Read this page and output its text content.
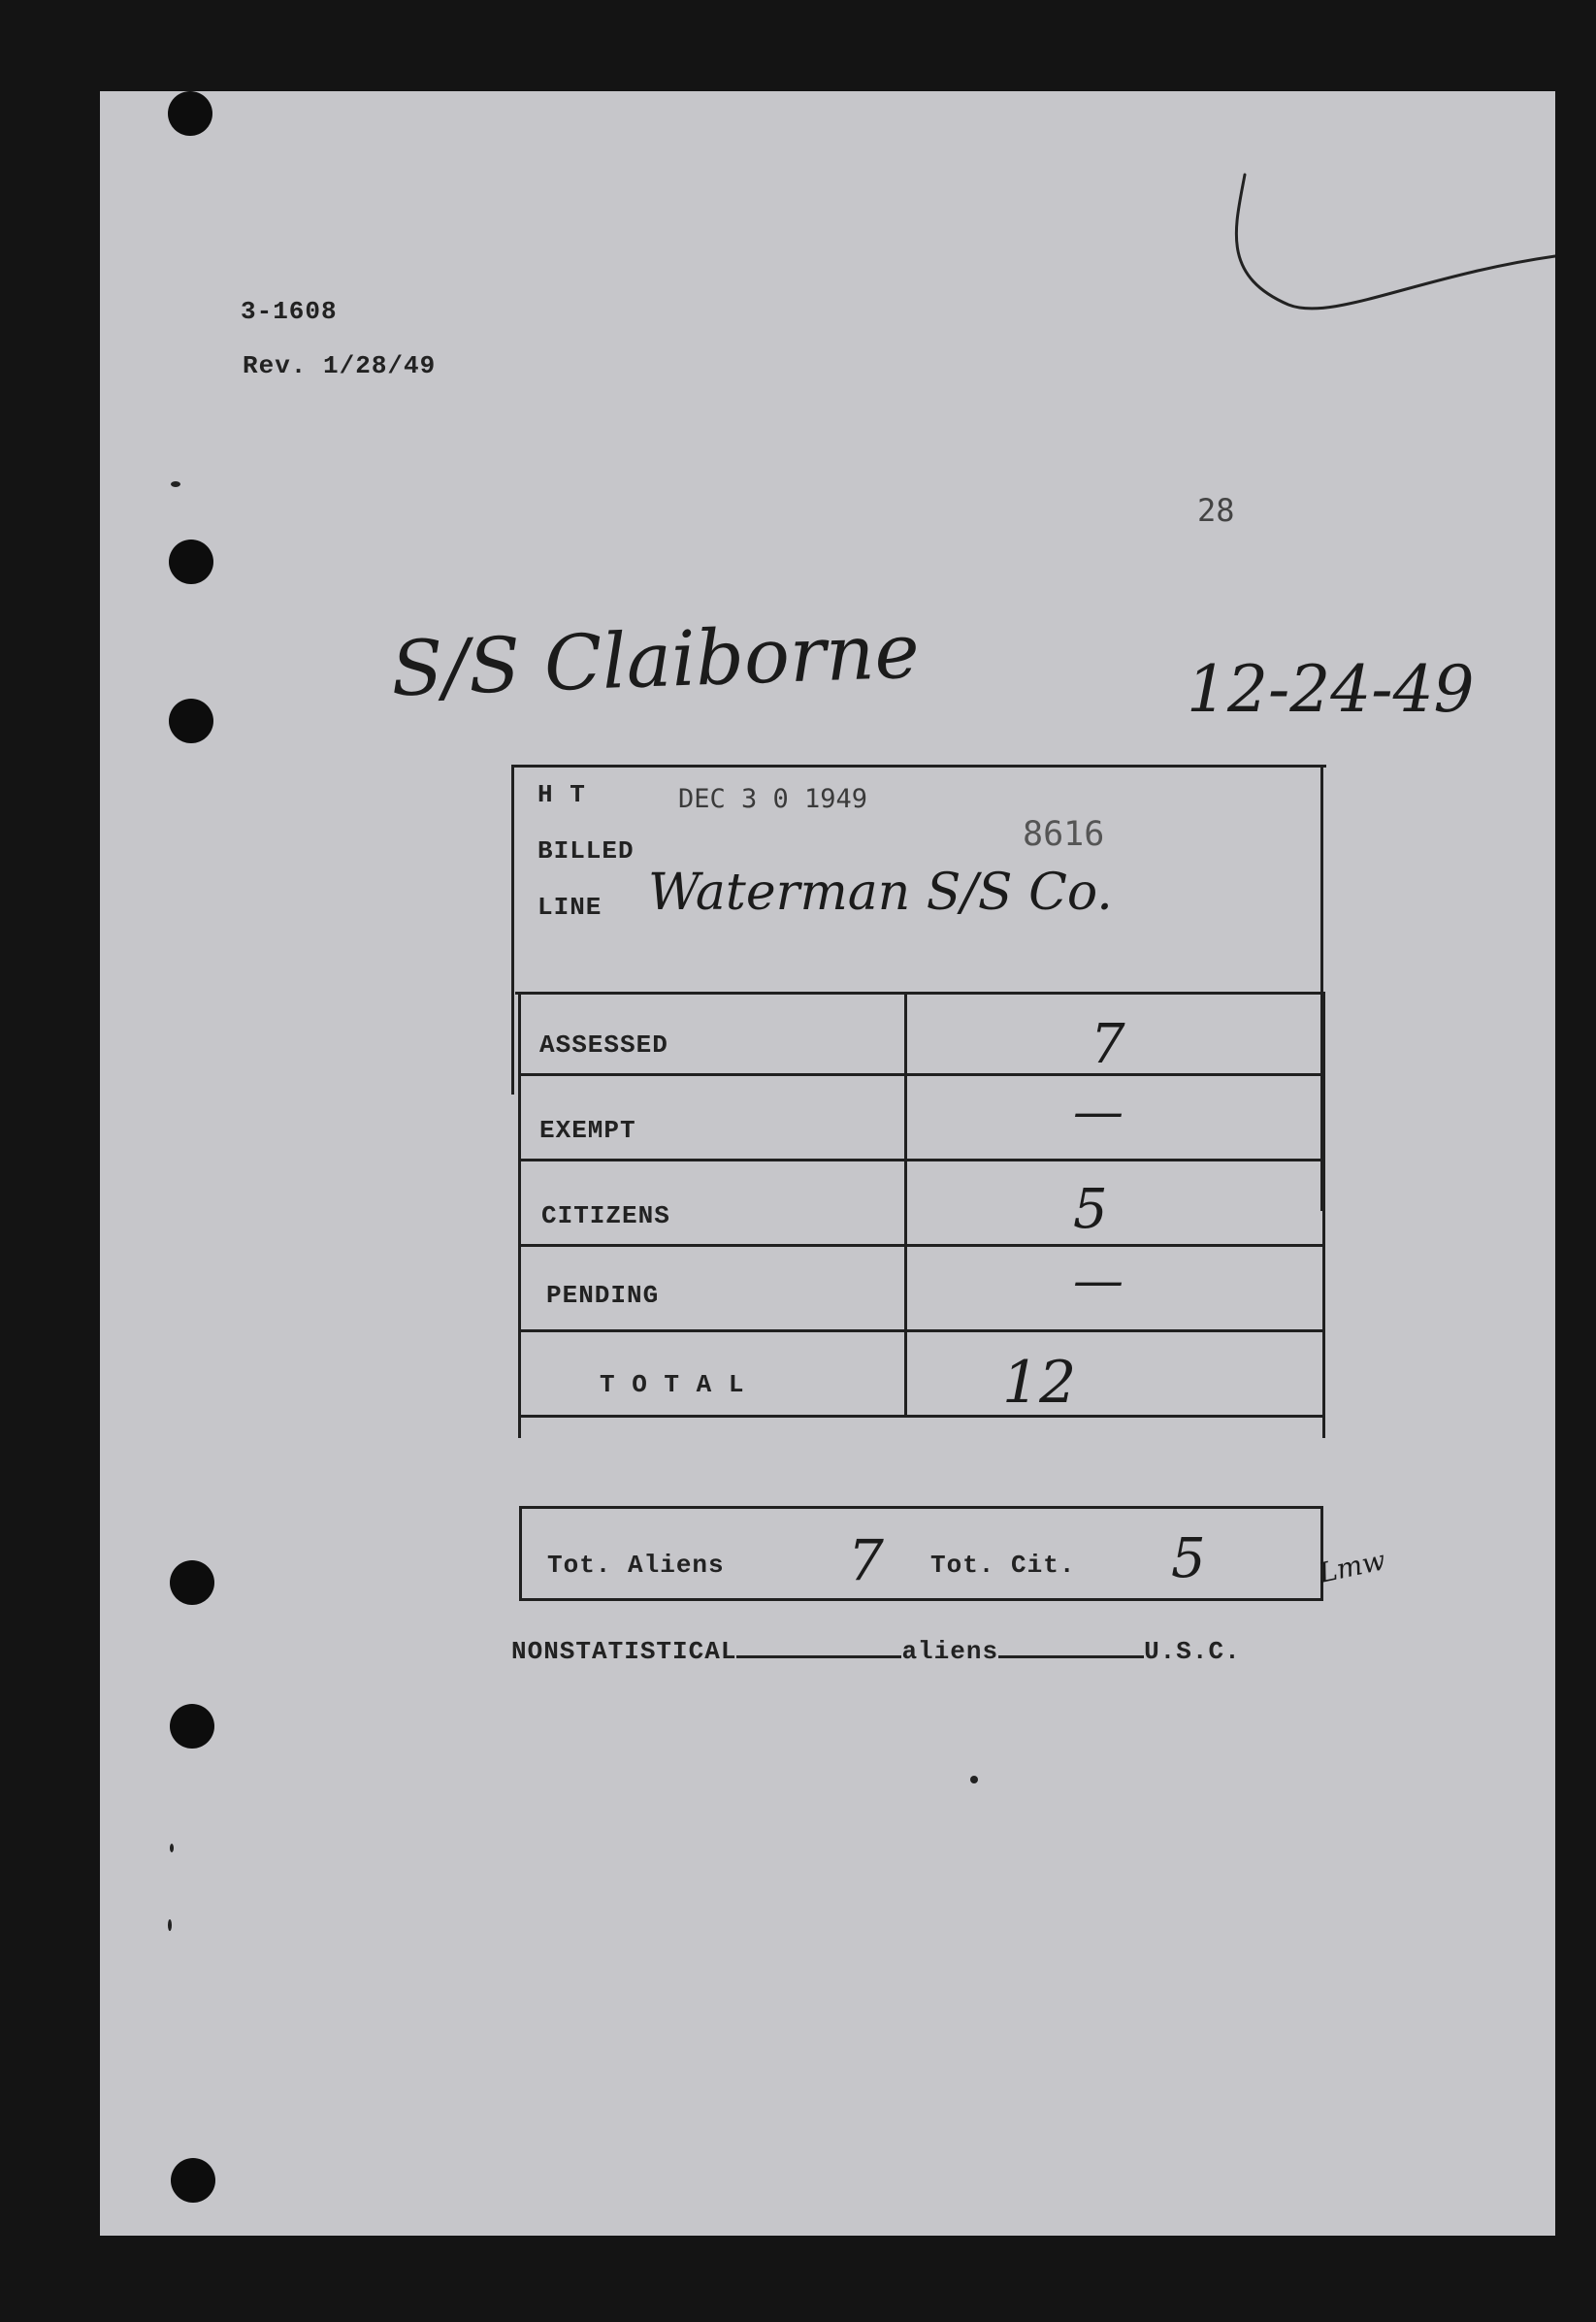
3-1608
Rev. 1/28/49
28
S/S Claiborne	12-24-49
H T	DEC 3 0 1949
8616
BILLED
LINE Waterman S/S Co.
ASSESSED	7
EXEMPT	—
CITIZENS	5
PENDING	—
T O T A L	12
Tot. Aliens 7 Tot. Cit. 5	Lmw
NONSTATISTICAL	aliens	U.S.C.
